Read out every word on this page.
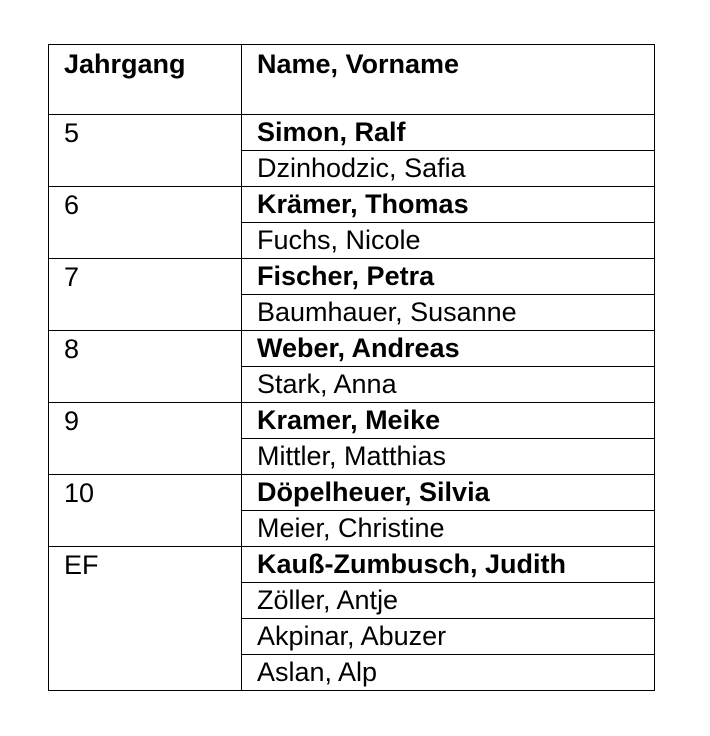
Jahrgang	Name, Vorname
5	Simon, Ralf
	Dzinhodzic, Safia
6	Krämer, Thomas
	Fuchs, Nicole
7	Fischer, Petra
	Baumhauer, Susanne
8	Weber, Andreas
	Stark, Anna
9	Kramer, Meike
	Mittler, Matthias
10	Döpelheuer, Silvia
	Meier, Christine
EF	Kauß-Zumbusch, Judith
	Zöller, Antje
	Akpinar, Abuzer
	Aslan, Alp
